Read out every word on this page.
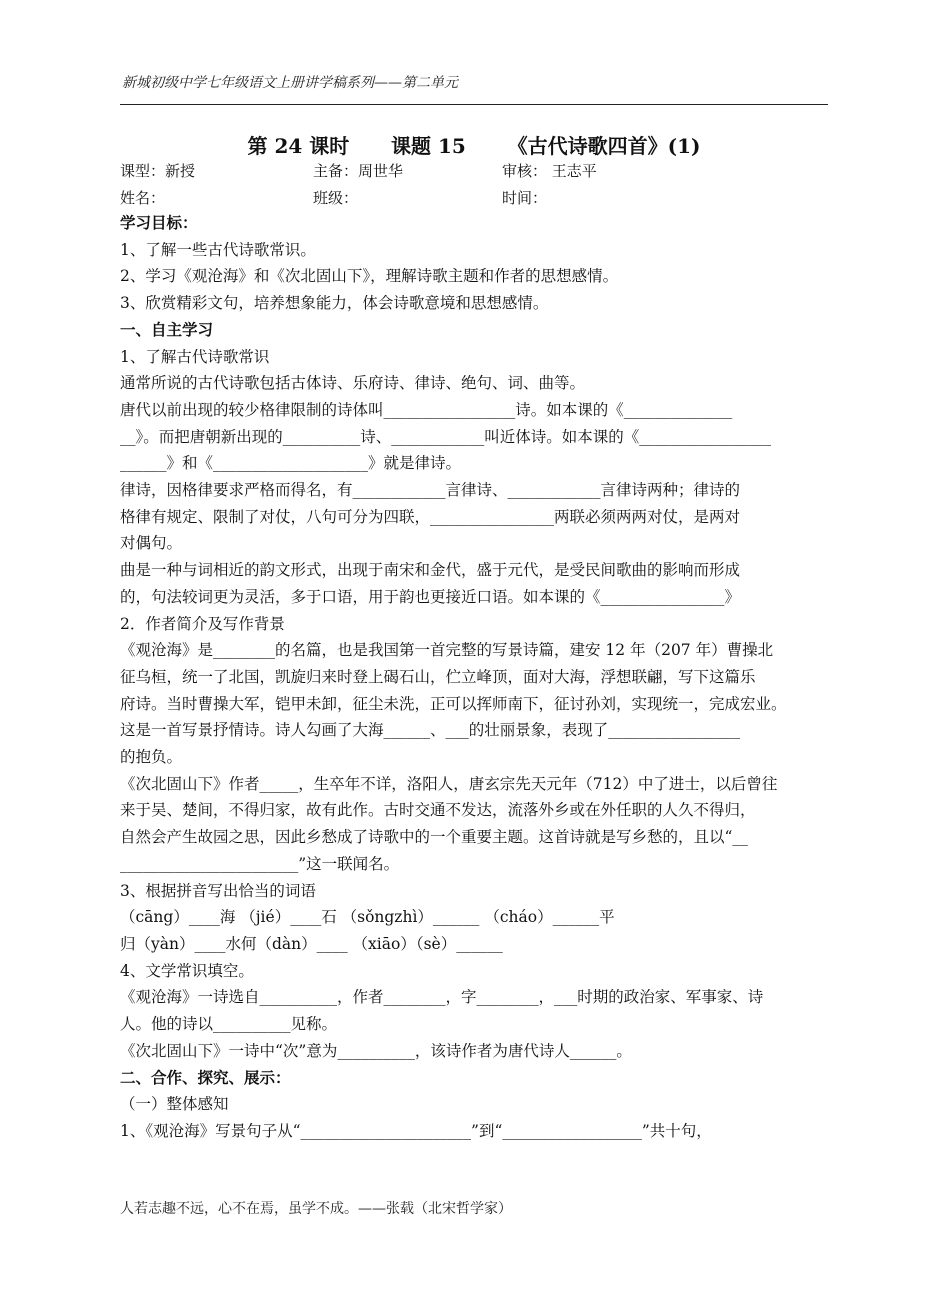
新城初级中学七年级语文上册讲学稿系列——第二单元
第 24 课时      课题 15      《古代诗歌四首》(1)
课型：新授	主备：周世华	审核： 王志平
姓名：	班级：	时间：

学习目标：

1、了解一些古代诗歌常识。

2、学习《观沧海》和《次北固山下》，理解诗歌主题和作者的思想感情。

3、欣赏精彩文句，培养想象能力，体会诗歌意境和思想感情。

一、自主学习

1、了解古代诗歌常识

通常所说的古代诗歌包括古体诗、乐府诗、律诗、绝句、词、曲等。

唐代以前出现的较少格律限制的诗体叫_________________诗。如本课的《______________

__》。而把唐朝新出现的__________诗、____________叫近体诗。如本课的《_________________

______》和《____________________》就是律诗。

律诗，因格律要求严格而得名，有____________言律诗、____________言律诗两种；律诗的

格律有规定、限制了对仗，八句可分为四联，________________两联必须两两对仗，是两对

对偶句。

曲是一种与词相近的韵文形式，出现于南宋和金代，盛于元代，是受民间歌曲的影响而形成

的，句法较词更为灵活，多于口语，用于韵也更接近口语。如本课的《________________》

2．作者简介及写作背景

《观沧海》是________的名篇，也是我国第一首完整的写景诗篇，建安 12 年（207 年）曹操北

征乌桓，统一了北国，凯旋归来时登上碣石山，伫立峰顶，面对大海，浮想联翩，写下这篇乐

府诗。当时曹操大军，铠甲未卸，征尘未洗，正可以挥师南下，征讨孙刘，实现统一，完成宏业。

这是一首写景抒情诗。诗人勾画了大海______、___的壮丽景象，表现了_________________

的抱负。

《次北固山下》作者_____，生卒年不详，洛阳人，唐玄宗先天元年（712）中了进士，以后曾往

来于吴、楚间，不得归家，故有此作。古时交通不发达，流落外乡或在外任职的人久不得归，

自然会产生故园之思，因此乡愁成了诗歌中的一个重要主题。这首诗就是写乡愁的，且以“__

_______________________”这一联闻名。

3、根据拼音写出恰当的词语

（cāng）____海 （jié）____石 （sǒngzhì）______ （cháo）______平

归（yàn）____水何（dàn）____ （xiāo）（sè）______

4、文学常识填空。

《观沧海》一诗选自__________，作者________，字________，___时期的政治家、军事家、诗

人。他的诗以__________见称。

《次北固山下》一诗中“次”意为__________，该诗作者为唐代诗人______。

二、合作、探究、展示：

（一）整体感知

1、《观沧海》写景句子从“______________________”到“__________________”共十句，

人若志趣不远，心不在焉，虽学不成。——张载（北宋哲学家）
